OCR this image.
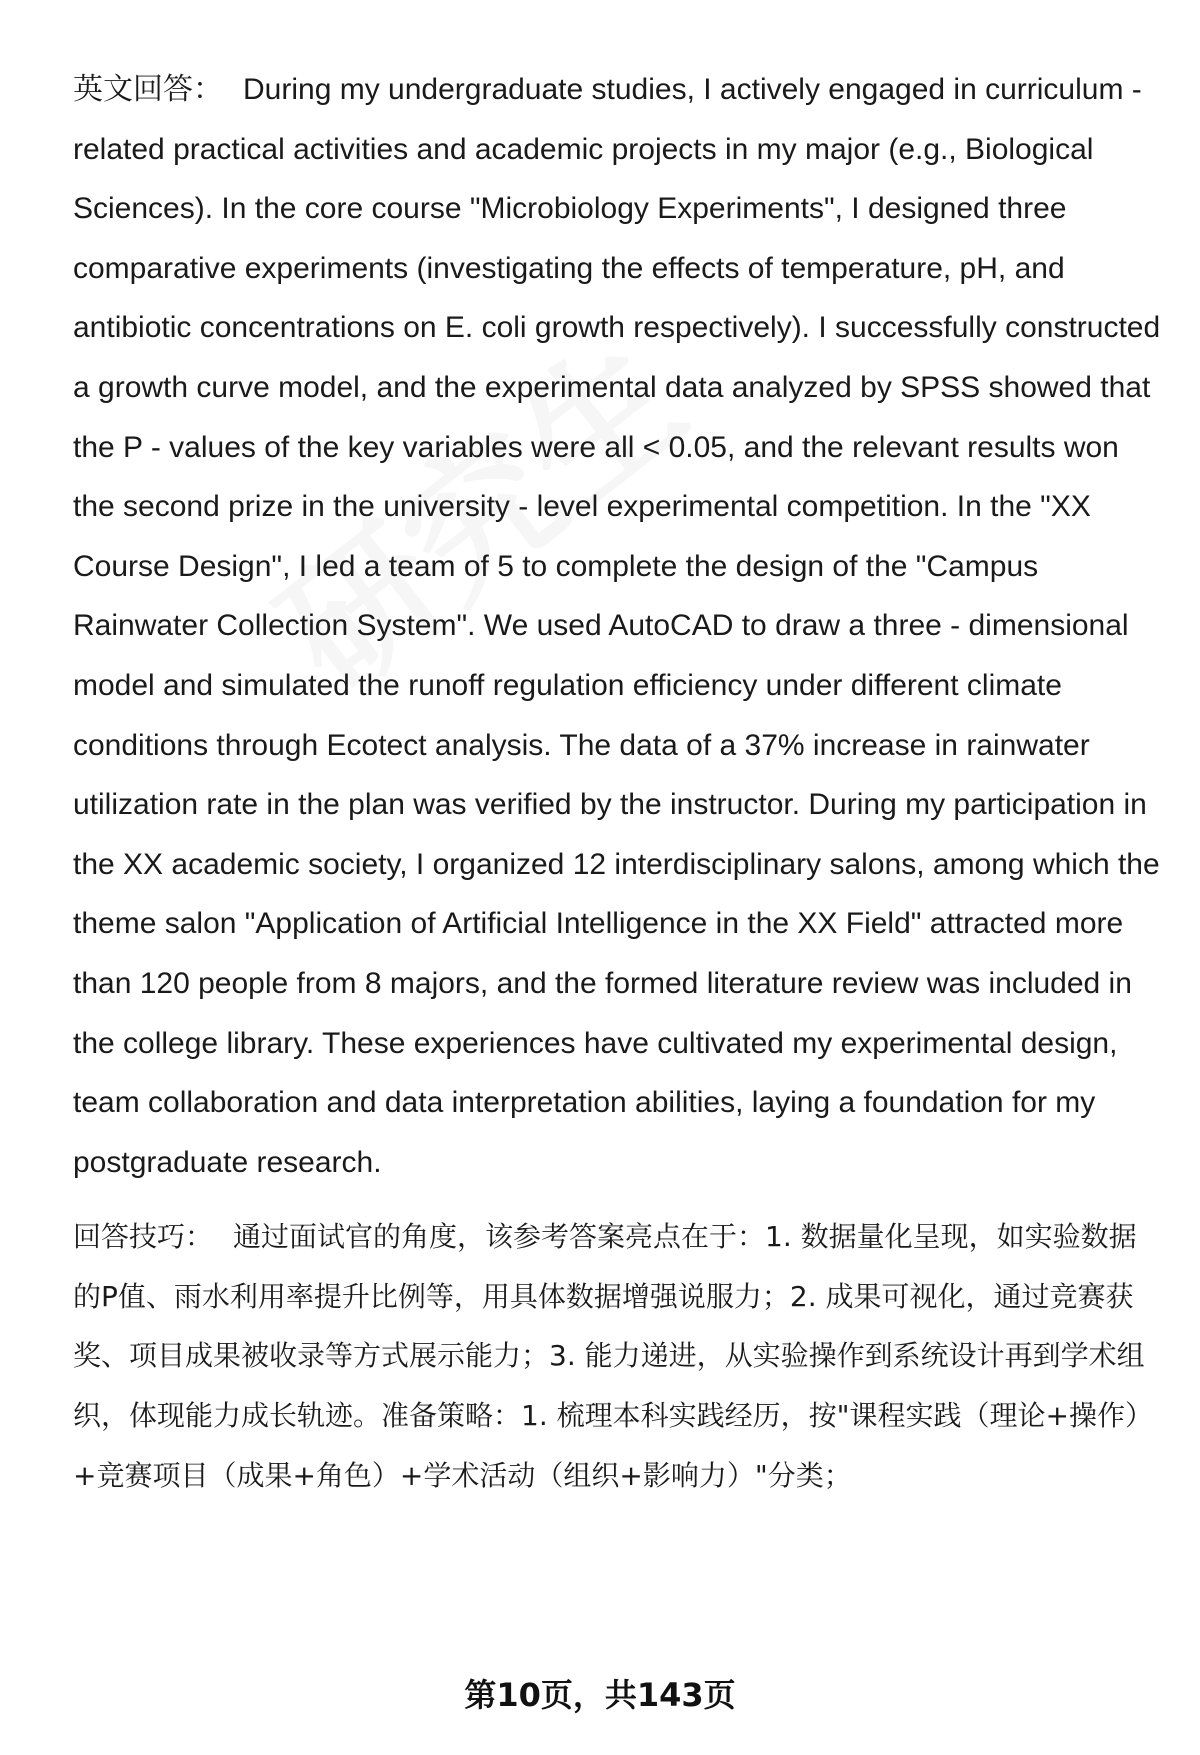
英文回答： During my undergraduate studies, I actively engaged in curriculum - related practical activities and academic projects in my major (e.g., Biological Sciences). In the core course "Microbiology Experiments", I designed three comparative experiments (investigating the effects of temperature, pH, and antibiotic concentrations on E. coli growth respectively). I successfully constructed a growth curve model, and the experimental data analyzed by SPSS showed that the P - values of the key variables were all < 0.05, and the relevant results won the second prize in the university - level experimental competition. In the "XX Course Design", I led a team of 5 to complete the design of the "Campus Rainwater Collection System". We used AutoCAD to draw a three - dimensional model and simulated the runoff regulation efficiency under different climate conditions through Ecotect analysis. The data of a 37% increase in rainwater utilization rate in the plan was verified by the instructor. During my participation in the XX academic society, I organized 12 interdisciplinary salons, among which the theme salon "Application of Artificial Intelligence in the XX Field" attracted more than 120 people from 8 majors, and the formed literature review was included in the college library. These experiences have cultivated my experimental design, team collaboration and data interpretation abilities, laying a foundation for my postgraduate research.

回答技巧： 通过面试官的角度，该参考答案亮点在于：1. 数据量化呈现，如实验数据的P值、雨水利用率提升比例等，用具体数据增强说服力；2. 成果可视化，通过竞赛获奖、项目成果被收录等方式展示能力；3. 能力递进，从实验操作到系统设计再到学术组织，体现能力成长轨迹。准备策略：1. 梳理本科实践经历，按"课程实践（理论+操作）+竞赛项目（成果+角色）+学术活动（组织+影响力）"分类；

第10页，共143页
